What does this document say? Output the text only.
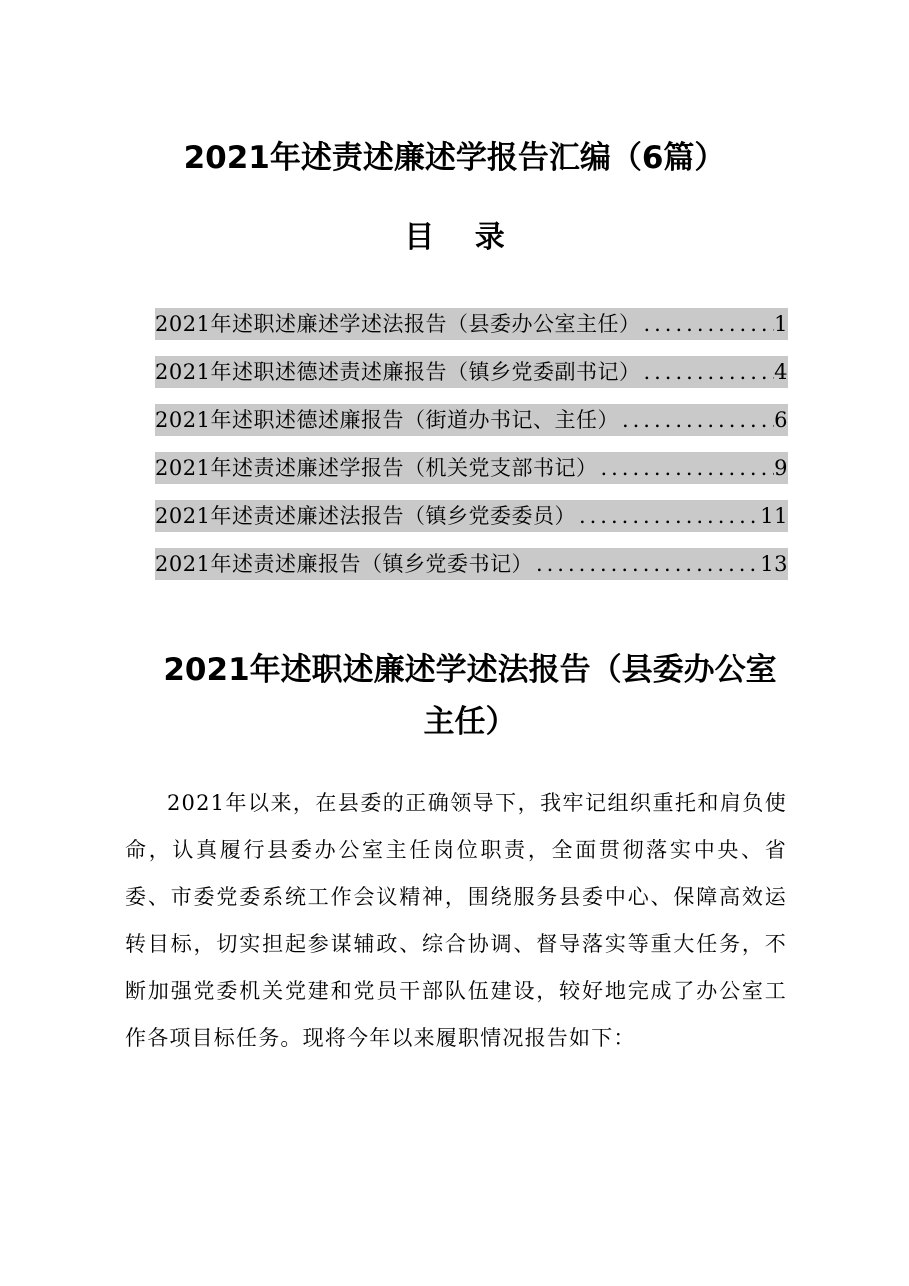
2021年述责述廉述学报告汇编（6篇）
目 录
2021年述职述廉述学述法报告（县委办公室主任） .....	1
2021年述职述德述责述廉报告（镇乡党委副书记） .....	4
2021年述职述德述廉报告（街道办书记、主任） .....	6
2021年述责述廉述学报告（机关党支部书记） .....	9
2021年述责述廉述法报告（镇乡党委委员） .....	11
2021年述责述廉报告（镇乡党委书记） .....	13
2021年述职述廉述学述法报告（县委办公室主任）
2021年以来，在县委的正确领导下，我牢记组织重托和肩负使命，认真履行县委办公室主任岗位职责，全面贯彻落实中央、省委、市委党委系统工作会议精神，围绕服务县委中心、保障高效运转目标，切实担起参谋辅政、综合协调、督导落实等重大任务，不断加强党委机关党建和党员干部队伍建设，较好地完成了办公室工作各项目标任务。现将今年以来履职情况报告如下：
